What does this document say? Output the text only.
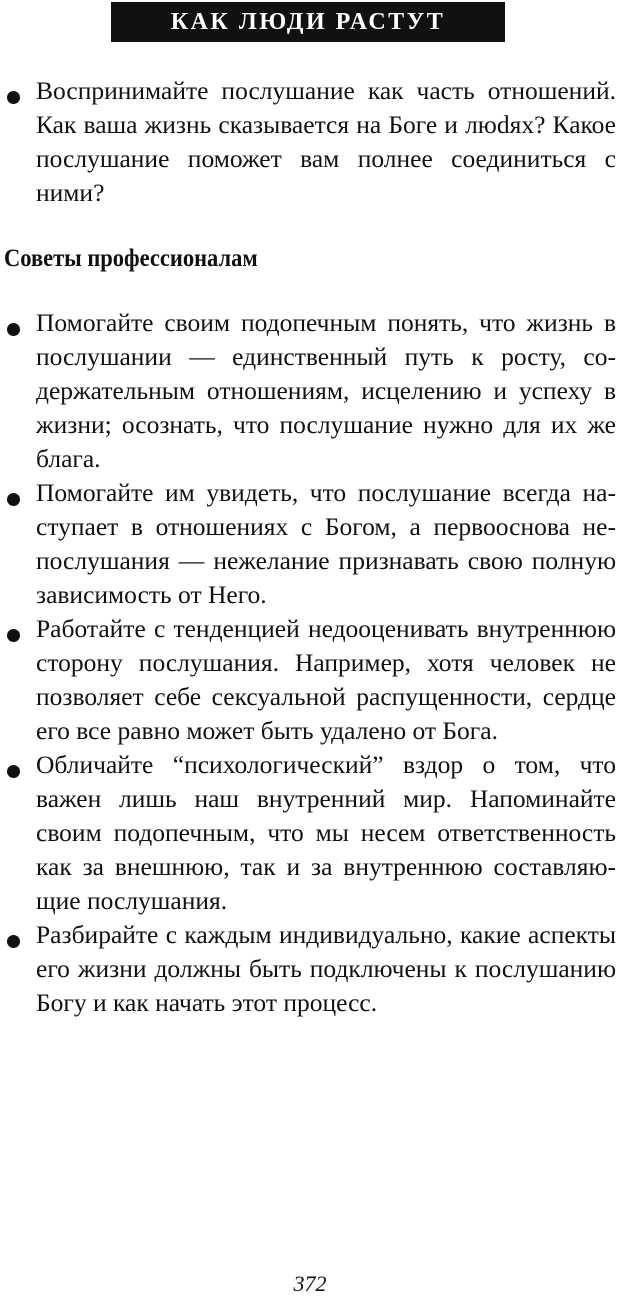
КАК ЛЮДИ РАСТУТ
Воспринимайте послушание как часть отношений. Как ваша жизнь сказывается на Боге и люdях? Какое послушание поможет вам полнее соединиться с ними?
Советы профессионалам
Помогайте своим подопечным понять, что жизнь в послушании — единственный путь к росту, содержательным отношениям, исцелению и успеху в жизни; осознать, что послушание нужно для их же блага.
Помогайте им увидеть, что послушание всегда наступает в отношениях с Богом, а первооснова непослушания — нежелание признавать свою полную зависимость от Него.
Работайте с тенденцией недооценивать внутреннюю сторону послушания. Например, хотя человек не позволяет себе сексуальной распущенности, сердце его все равно может быть удалено от Бога.
Обличайте “психологический” вздор о том, что важен лишь наш внутренний мир. Напоминайте своим подопечным, что мы несем ответственность как за внешнюю, так и за внутреннюю составляющие послушания.
Разбирайте с каждым индивидуально, какие аспекты его жизни должны быть подключены к послушанию Богу и как начать этот процесс.
372
